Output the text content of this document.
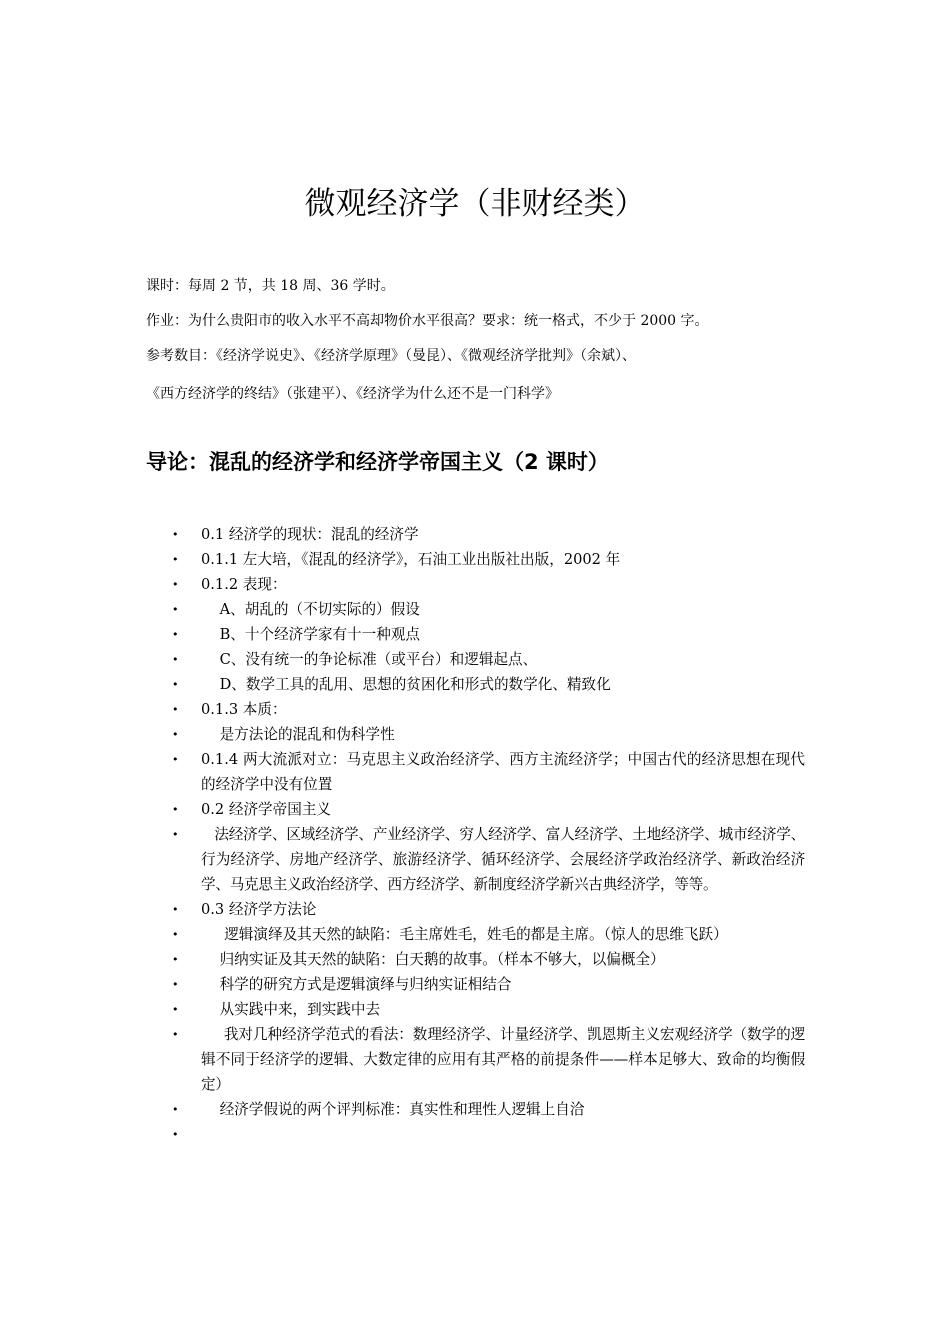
微观经济学（非财经类）

课时：每周 2 节，共 18 周、36 学时。

作业：为什么贵阳市的收入水平不高却物价水平很高？要求：统一格式，不少于 2000 字。

参考数目：《经济学说史》、《经济学原理》（曼昆）、《微观经济学批判》（余斌）、

《西方经济学的终结》（张建平）、《经济学为什么还不是一门科学》

导论：混乱的经济学和经济学帝国主义（2 课时）
• 0.1 经济学的现状：混乱的经济学
• 0.1.1 左大培，《混乱的经济学》，石油工业出版社出版，2002 年
• 0.1.2 表现：
• A、胡乱的（不切实际的）假设
• B、十个经济学家有十一种观点
• C、没有统一的争论标准（或平台）和逻辑起点、
• D、数学工具的乱用、思想的贫困化和形式的数学化、精致化
• 0.1.3 本质：
• 是方法论的混乱和伪科学性
• 0.1.4 两大流派对立：马克思主义政治经济学、西方主流经济学；中国古代的经济思想在现代的经济学中没有位置
• 0.2 经济学帝国主义
• 法经济学、区域经济学、产业经济学、穷人经济学、富人经济学、土地经济学、城市经济学、行为经济学、房地产经济学、旅游经济学、循环经济学、会展经济学政治经济学、新政治经济学、马克思主义政治经济学、西方经济学、新制度经济学新兴古典经济学，等等。
• 0.3 经济学方法论
• 逻辑演绎及其天然的缺陷：毛主席姓毛，姓毛的都是主席。（惊人的思维飞跃）
• 归纳实证及其天然的缺陷：白天鹅的故事。（样本不够大，以偏概全）
• 科学的研究方式是逻辑演绎与归纳实证相结合
• 从实践中来，到实践中去
• 我对几种经济学范式的看法：数理经济学、计量经济学、凯恩斯主义宏观经济学（数学的逻辑不同于经济学的逻辑、大数定律的应用有其严格的前提条件——样本足够大、致命的均衡假定）
• 经济学假说的两个评判标准：真实性和理性人逻辑上自洽
•
